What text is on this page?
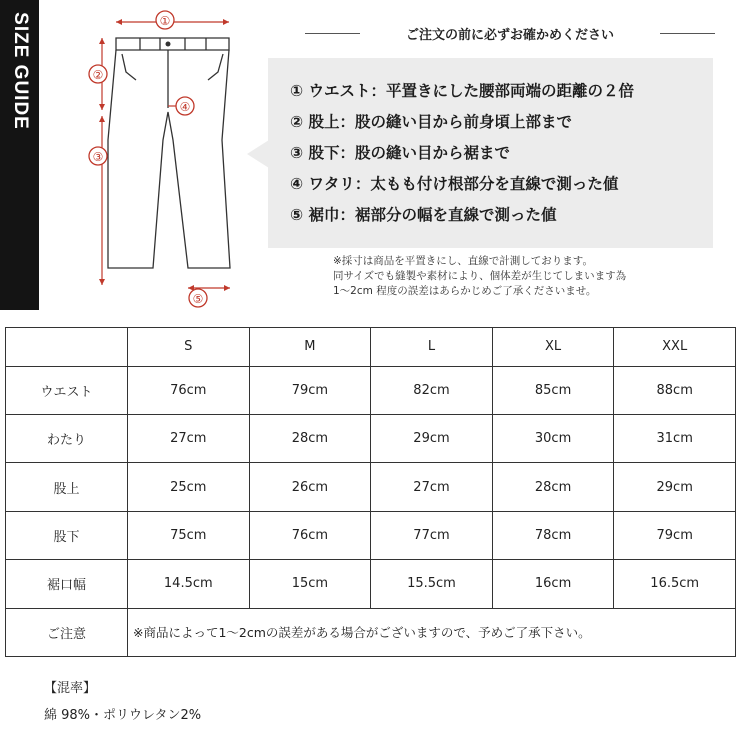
SIZE GUIDE	①
②
③
④
⑤
ご注文の前に必ずお確かめください
① ウエスト：平置きにした腰部両端の距離の２倍
② 股上：股の縫い目から前身頃上部まで
③ 股下：股の縫い目から裾まで
④ ワタリ：太もも付け根部分を直線で測った値
⑤ 裾巾：裾部分の幅を直線で測った値
※採寸は商品を平置きにし、直線で計測しております。
同サイズでも縫製や素材により、個体差が生じてしまいます為
1〜2cm 程度の誤差はあらかじめご了承くださいませ。
	S	M	L	XL	XXL
ウエスト	76cm	79cm	82cm	85cm	88cm
わたり	27cm	28cm	29cm	30cm	31cm
股上	25cm	26cm	27cm	28cm	29cm
股下	75cm	76cm	77cm	78cm	79cm
裾口幅	14.5cm	15cm	15.5cm	16cm	16.5cm
ご注意	※商品によって1〜2cmの誤差がある場合がございますので、予めご了承下さい。				
【混率】
綿 98%・ポリウレタン2%
